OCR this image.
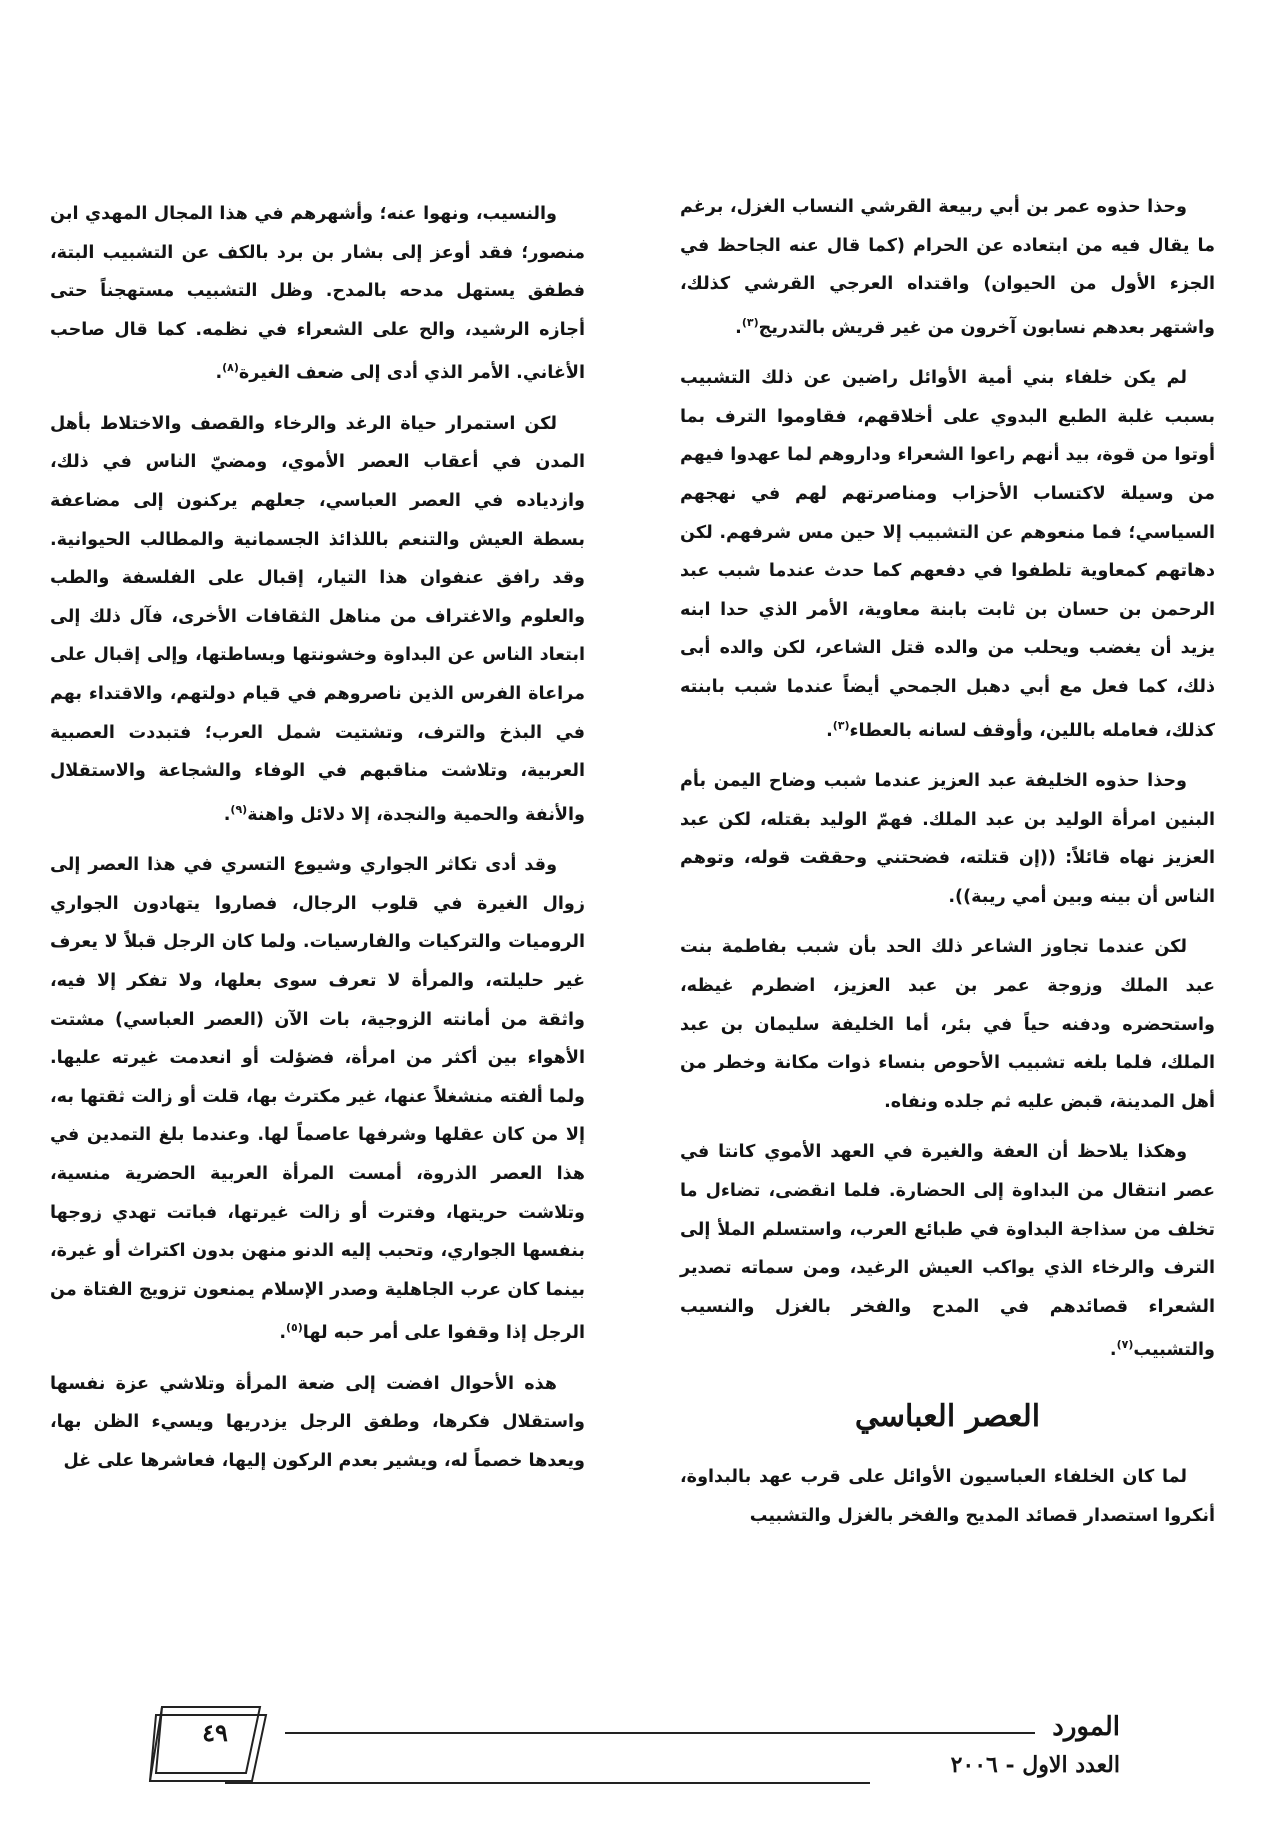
وحذا حذوه عمر بن أبي ربيعة القرشي النساب الغزل، برغم ما يقال فيه من ابتعاده عن الحرام (كما قال عنه الجاحظ في الجزء الأول من الحيوان) واقتداه العرجي القرشي كذلك، واشتهر بعدهم نسابون آخرون من غير قريش بالتدريج$^{(٣)}$.

لم يكن خلفاء بني أمية الأوائل راضين عن ذلك التشبيب بسبب غلبة الطبع البدوي على أخلاقهم، فقاوموا الترف بما أوتوا من قوة، بيد أنهم راعوا الشعراء وداروهم لما عهدوا فيهم من وسيلة لاكتساب الأحزاب ومناصرتهم لهم في نهجهم السياسي؛ فما منعوهم عن التشبيب إلا حين مس شرفهم. لكن دهاتهم كمعاوية تلطفوا في دفعهم كما حدث عندما شبب عبد الرحمن بن حسان بن ثابت بابنة معاوية، الأمر الذي حدا ابنه يزيد أن يغضب ويحلب من والده قتل الشاعر، لكن والده أبى ذلك، كما فعل مع أبي دهبل الجمحي أيضاً عندما شبب بابنته كذلك، فعامله باللين، وأوقف لسانه بالعطاء$^{(٣)}$.

وحذا حذوه الخليفة عبد العزيز عندما شبب وضاح اليمن بأم البنين امرأة الوليد بن عبد الملك. فهمّ الوليد بقتله، لكن عبد العزيز نهاه قائلاً: ((إن قتلته، فضحتني وحققت قوله، وتوهم الناس أن بينه وبين أمي ريبة)).

لكن عندما تجاوز الشاعر ذلك الحد بأن شبب بفاطمة بنت عبد الملك وزوجة عمر بن عبد العزيز، اضطرم غيظه، واستحضره ودفنه حياً في بئر، أما الخليفة سليمان بن عبد الملك، فلما بلغه تشبيب الأحوص بنساء ذوات مكانة وخطر من أهل المدينة، قبض عليه ثم جلده ونفاه.

وهكذا يلاحظ أن العفة والغيرة في العهد الأموي كانتا في عصر انتقال من البداوة إلى الحضارة. فلما انقضى، تضاءل ما تخلف من سذاجة البداوة في طبائع العرب، واستسلم الملأ إلى الترف والرخاء الذي يواكب العيش الرغيد، ومن سماته تصدير الشعراء قصائدهم في المدح والفخر بالغزل والنسيب والتشبيب$^{(٧)}$.

العصر العباسي

لما كان الخلفاء العباسيون الأوائل على قرب عهد بالبداوة، أنكروا استصدار قصائد المديح والفخر بالغزل والتشبيب

والنسيب، ونهوا عنه؛ وأشهرهم في هذا المجال المهدي ابن منصور؛ فقد أوعز إلى بشار بن برد بالكف عن التشبيب البتة، فطفق يستهل مدحه بالمدح. وظل التشبيب مستهجناً حتى أجازه الرشيد، والح على الشعراء في نظمه. كما قال صاحب الأغاني. الأمر الذي أدى إلى ضعف الغيرة$^{(٨)}$.

لكن استمرار حياة الرغد والرخاء والقصف والاختلاط بأهل المدن في أعقاب العصر الأموي، ومضيّ الناس في ذلك، وازدياده في العصر العباسي، جعلهم يركنون إلى مضاعفة بسطة العيش والتنعم باللذائذ الجسمانية والمطالب الحيوانية. وقد رافق عنفوان هذا التيار، إقبال على الفلسفة والطب والعلوم والاغتراف من مناهل الثقافات الأخرى، فآل ذلك إلى ابتعاد الناس عن البداوة وخشونتها وبساطتها، وإلى إقبال على مراعاة الفرس الذين ناصروهم في قيام دولتهم، والاقتداء بهم في البذخ والترف، وتشتيت شمل العرب؛ فتبددت العصبية العربية، وتلاشت مناقبهم في الوفاء والشجاعة والاستقلال والأنفة والحمية والنجدة، إلا دلائل واهنة$^{(٩)}$.

وقد أدى تكاثر الجواري وشيوع التسري في هذا العصر إلى زوال الغيرة في قلوب الرجال، فصاروا يتهادون الجواري الروميات والتركيات والفارسيات. ولما كان الرجل قبلاً لا يعرف غير حليلته، والمرأة لا تعرف سوى بعلها، ولا تفكر إلا فيه، واثقة من أمانته الزوجية، بات الآن (العصر العباسي) مشتت الأهواء بين أكثر من امرأة، فضؤلت أو انعدمت غيرته عليها. ولما ألفته منشغلاً عنها، غير مكترث بها، قلت أو زالت ثقتها به، إلا من كان عقلها وشرفها عاصماً لها. وعندما بلغ التمدين في هذا العصر الذروة، أمست المرأة العربية الحضرية منسية، وتلاشت حريتها، وفترت أو زالت غيرتها، فباتت تهدي زوجها بنفسها الجواري، وتحبب إليه الدنو منهن بدون اكتراث أو غيرة، بينما كان عرب الجاهلية وصدر الإسلام يمنعون تزويج الفتاة من الرجل إذا وقفوا على أمر حبه لها$^{(٥)}$.

هذه الأحوال افضت إلى ضعة المرأة وتلاشي عزة نفسها واستقلال فكرها، وطفق الرجل يزدريها ويسيء الظن بها، ويعدها خصماً له، ويشير بعدم الركون إليها، فعاشرها على غل

٤٩	المورد
العدد الاول - ٢٠٠٦
